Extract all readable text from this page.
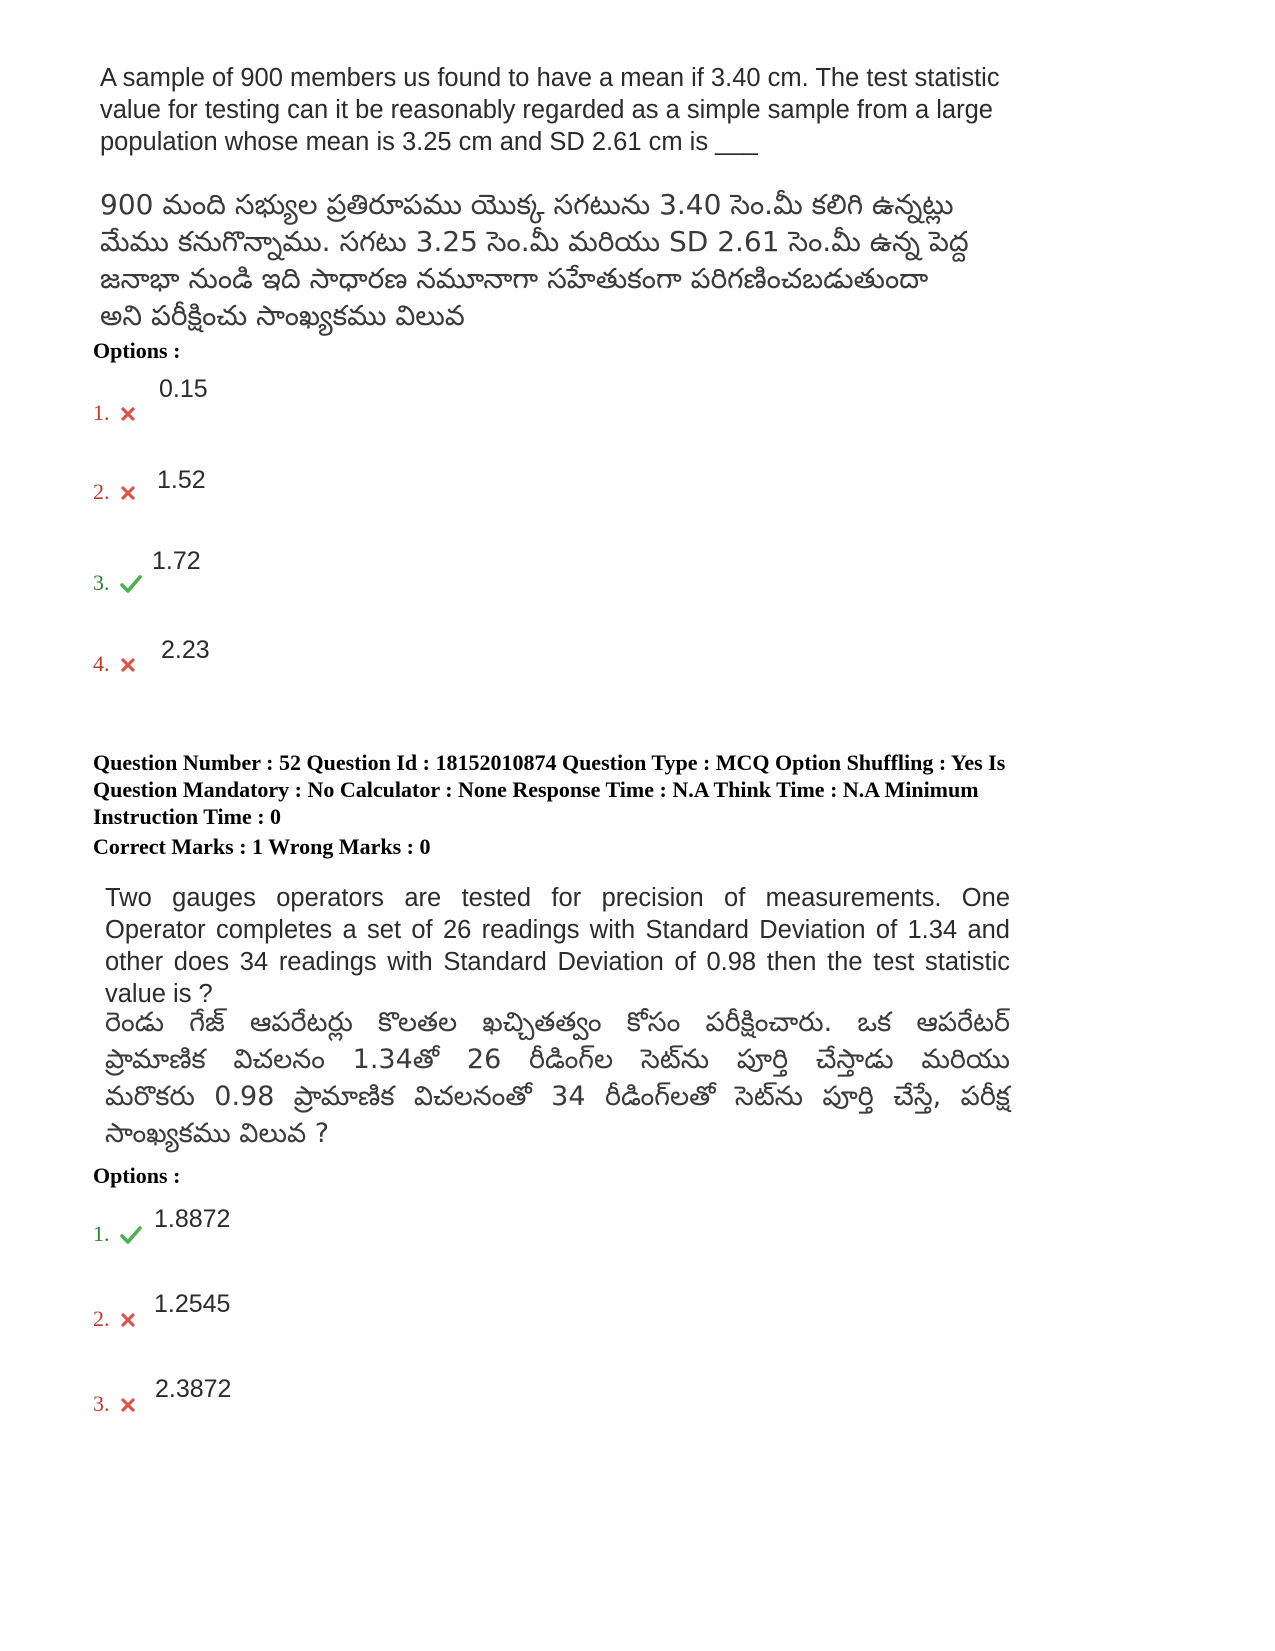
A sample of 900 members us found to have a mean if 3.40 cm. The test statistic

value for testing can it be reasonably regarded as a simple sample from a large

population whose mean is 3.25 cm and SD 2.61 cm is ___

900 మంది సభ్యుల ప్రతిరూపము యొక్క సగటును 3.40 సెం.మీ కలిగి ఉన్నట్లు

మేము కనుగొన్నాము. సగటు 3.25 సెం.మీ మరియు SD 2.61 సెం.మీ ఉన్న పెద్ద

జనాభా నుండి ఇది సాధారణ నమూనాగా సహేతుకంగా పరిగణించబడుతుందా

అని పరీక్షించు సాంఖ్యకము విలువ

Options :
0.15
1.
1.52
2.
1.72
3.
2.23
4.
Question Number : 52 Question Id : 18152010874 Question Type : MCQ Option Shuffling : Yes Is
Question Mandatory : No Calculator : None Response Time : N.A Think Time : N.A Minimum
Instruction Time : 0
Correct Marks : 1 Wrong Marks : 0

Two gauges operators are tested for precision of measurements. One

Operator completes a set of 26 readings with Standard Deviation of 1.34 and

other does 34 readings with Standard Deviation of 0.98 then the test statistic

value is ?

రెండు గేజ్ ఆపరేటర్లు కొలతల ఖచ్చితత్వం కోసం పరీక్షించారు. ఒక ఆపరేటర్

ప్రామాణిక విచలనం 1.34తో 26 రీడింగ్‌ల సెట్‌ను పూర్తి చేస్తాడు మరియు

మరొకరు 0.98 ప్రామాణిక విచలనంతో 34 రీడింగ్‌లతో సెట్‌ను పూర్తి చేస్తే, పరీక్ష

సాంఖ్యకము విలువ ?

Options :
1.8872
1.
1.2545
2.
2.3872
3.
